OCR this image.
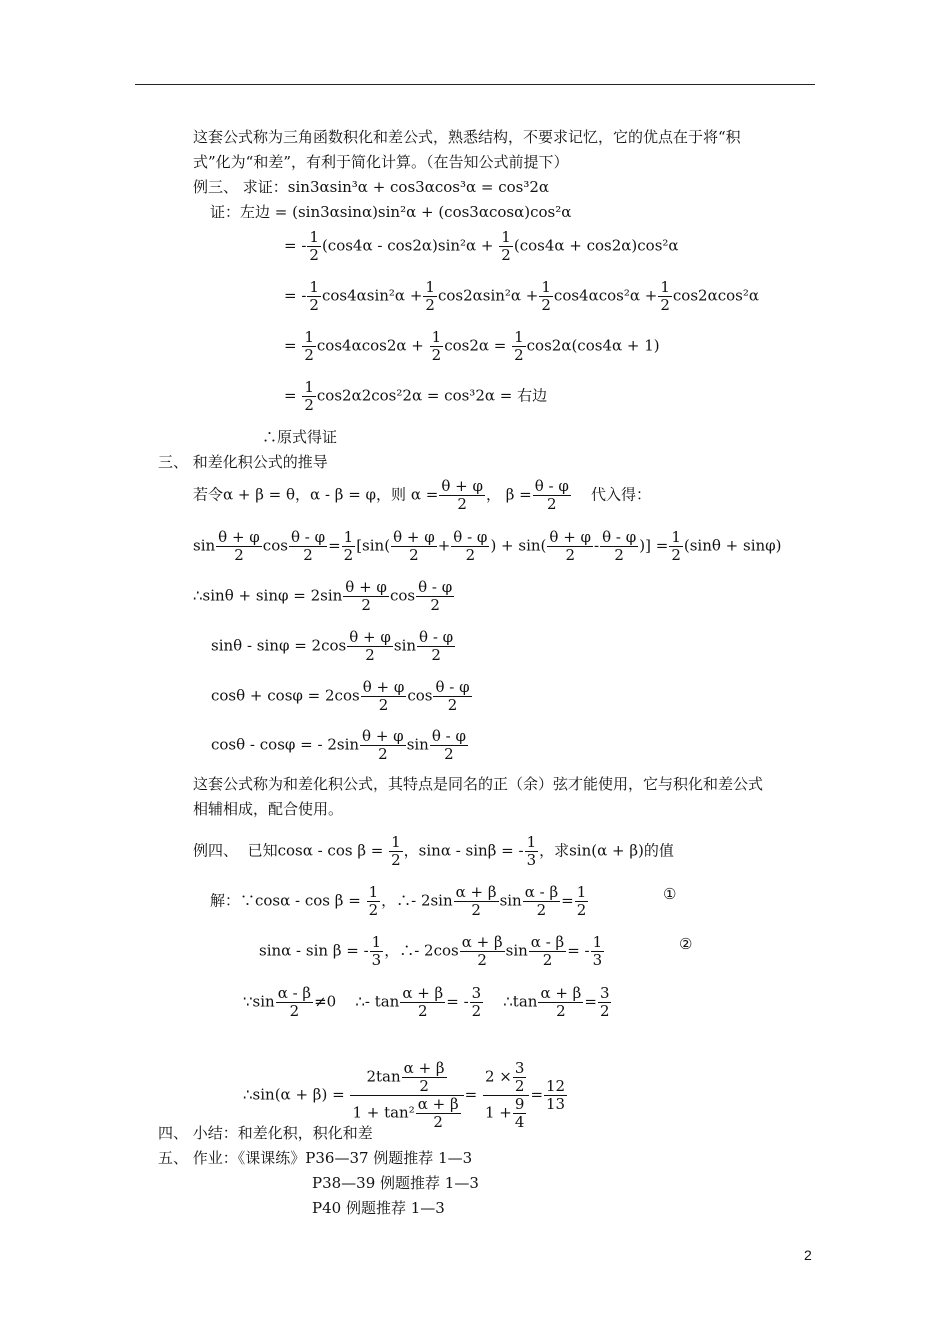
这套公式称为三角函数积化和差公式，熟悉结构，不要求记忆，它的优点在于将“积
式”化为“和差”，有利于简化计算。（在告知公式前提下）
例三、 求证：sin3αsin³α + cos3αcos³α = cos³2α
证：左边 = (sin3αsinα)sin²α + (cos3αcosα)cos²α
= - $\frac{1}{2} (\cos 4\alpha - \cos 2\alpha)\sin^2\alpha + \frac{1}{2} (\cos 4\alpha + \cos 2\alpha)\cos^2\alpha$
= - $\frac{1}{2} \cos 4\alpha\sin^2\alpha + \frac{1}{2} \cos 2\alpha\sin^2\alpha + \frac{1}{2} \cos 4\alpha\cos^2\alpha + \frac{1}{2} \cos 2\alpha\cos^2\alpha$
= $\frac{1}{2} \cos 4\alpha\cos 2\alpha + \frac{1}{2} \cos 2\alpha = \frac{1}{2} \cos 2\alpha(\cos 4\alpha + 1)$
= $\frac{1}{2} \cos 2\alpha 2\cos^22\alpha = \cos^32\alpha$ = 右边
∴原式得证
三、 和差化积公式的推导
若令α + β = θ，α - β = φ，则 $\alpha = \frac{\theta + \varphi}{2}$ ， $\beta = \frac{\theta - \varphi}{2}$ 代入得：
$\sin \frac{\theta + \varphi}{2}$ $\cos \frac{\theta - \varphi}{2} = \frac{1}{2} [\sin( \frac{\theta + \varphi}{2} + \frac{\theta - \varphi}{2}$ ) + $\sin( \frac{\theta + \varphi}{2} - \frac{\theta - \varphi}{2}$ )] = $\frac{1}{2} (\sin\theta + \sin\varphi)$
∴sinθ + $\sin\varphi = 2\sin \frac{\theta + \varphi}{2}$ $\cos \frac{\theta - \varphi}{2}$
$\sin\theta - \sin\varphi = 2\cos \frac{\theta + \varphi}{2}$ $\sin \frac{\theta - \varphi}{2}$
$\cos\theta + \cos\varphi = 2\cos \frac{\theta + \varphi}{2}$ $\cos \frac{\theta - \varphi}{2}$
cosθ - cosφ = - $2\sin \frac{\theta + \varphi}{2}$ $\sin \frac{\theta - \varphi}{2}$
这套公式称为和差化积公式，其特点是同名的正（余）弦才能使用，它与积化和差公式
相辅相成，配合使用。
例四、 已知$\cos\alpha - \cos \beta = \frac{1}{2}$ ，sinα - sinβ = - $\frac{1}{3}$ ，求sin(α + β)的值
解：∵cosα - $\cos \beta = \frac{1}{2}$ ，∴- $2\sin \frac{\alpha + \beta}{2}$ $\sin \frac{\alpha - \beta}{2} = \frac{1}{2}$	①
sinα - sin β = - $\frac{1}{3}$ ，∴- $2\cos \frac{\alpha + \beta}{2}$ $\sin \frac{\alpha - \beta}{2}$ = - $\frac{1}{3}$	②
∵sin $\frac{\alpha - \beta}{2} \ne 0$ ∴- $\tan \frac{\alpha + \beta}{2}$ = - $\frac{3}{2}$ ∴tan $\frac{\alpha + \beta}{2} = \frac{3}{2}$
∴sin(α + $\beta) = \frac{2\tan \frac{\alpha + \beta}{2}}{1 + \tan^2 \frac{\alpha + \beta}{2}} = \frac{2 \times \frac{3}{2}}{1 + \frac{9}{4}} = \frac{12}{13}$
四、 小结：和差化积，积化和差
五、 作业：《课课练》P36—37 例题推荐 1—3
P38—39 例题推荐 1—3
P40 例题推荐 1—3
2
